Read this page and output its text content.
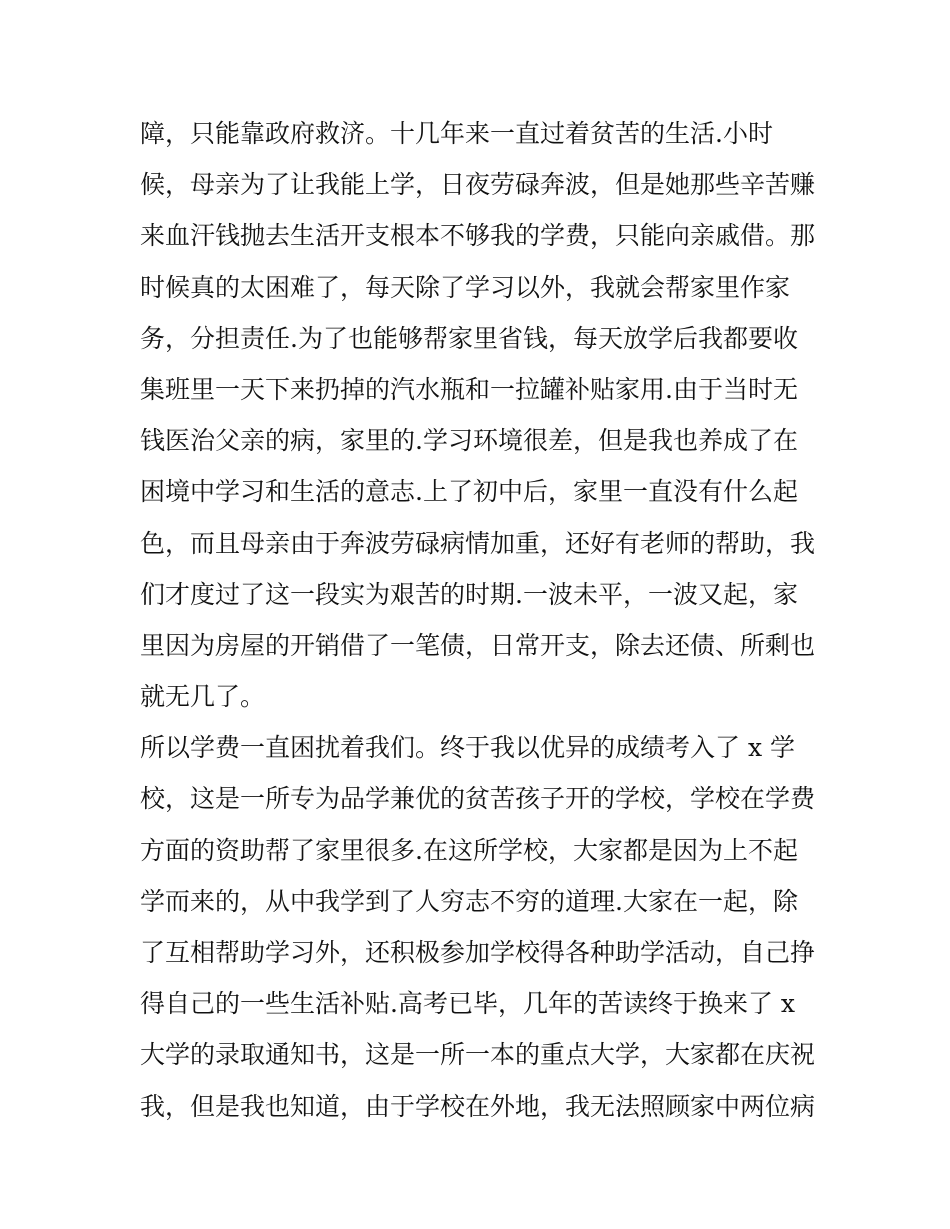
障，只能靠政府救济。十几年来一直过着贫苦的生活.小时
候，母亲为了让我能上学，日夜劳碌奔波，但是她那些辛苦赚
来血汗钱抛去生活开支根本不够我的学费，只能向亲戚借。那
时候真的太困难了，每天除了学习以外，我就会帮家里作家
务，分担责任.为了也能够帮家里省钱，每天放学后我都要收
集班里一天下来扔掉的汽水瓶和一拉罐补贴家用.由于当时无
钱医治父亲的病，家里的.学习环境很差，但是我也养成了在
困境中学习和生活的意志.上了初中后，家里一直没有什么起
色，而且母亲由于奔波劳碌病情加重，还好有老师的帮助，我
们才度过了这一段实为艰苦的时期.一波未平，一波又起，家
里因为房屋的开销借了一笔债，日常开支，除去还债、所剩也
就无几了。
所以学费一直困扰着我们。终于我以优异的成绩考入了 x 学
校，这是一所专为品学兼优的贫苦孩子开的学校，学校在学费
方面的资助帮了家里很多.在这所学校，大家都是因为上不起
学而来的，从中我学到了人穷志不穷的道理.大家在一起，除
了互相帮助学习外，还积极参加学校得各种助学活动，自己挣
得自己的一些生活补贴.高考已毕，几年的苦读终于换来了 x
大学的录取通知书，这是一所一本的重点大学，大家都在庆祝
我，但是我也知道，由于学校在外地，我无法照顾家中两位病
